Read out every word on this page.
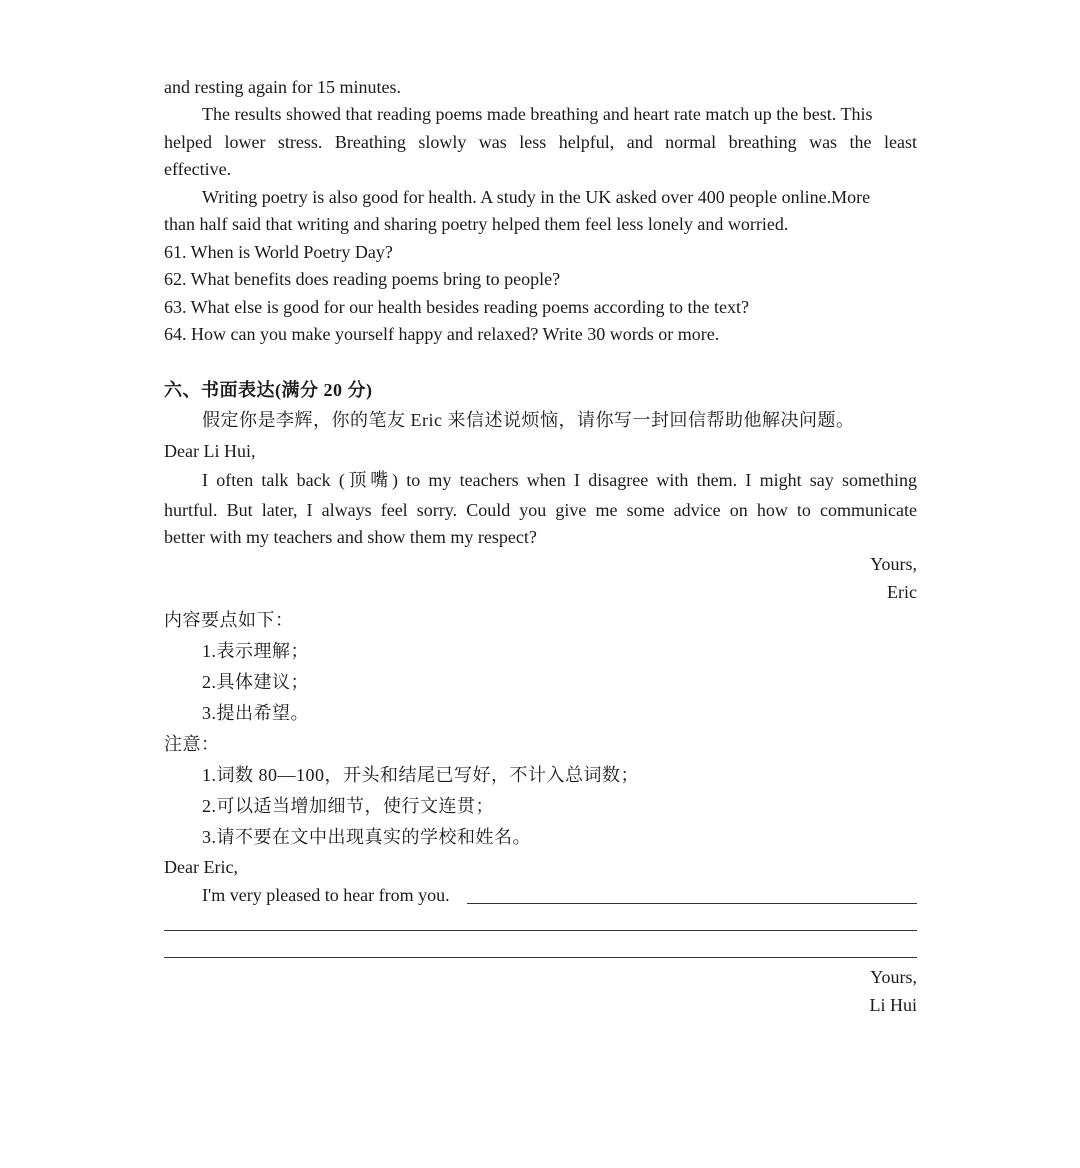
and resting again for 15 minutes.
The results showed that reading poems made breathing and heart rate match up the best. This
helped lower stress. Breathing slowly was less helpful, and normal breathing was the least
effective.
Writing poetry is also good for health. A study in the UK asked over 400 people online.More
than half said that writing and sharing poetry helped them feel less lonely and worried.
61. When is World Poetry Day?
62. What benefits does reading poems bring to people?
63. What else is good for our health besides reading poems according to the text?
64. How can you make yourself happy and relaxed? Write 30 words or more.
六、书面表达(满分 20 分)
假定你是李辉，你的笔友 Eric 来信述说烦恼，请你写一封回信帮助他解决问题。
Dear Li Hui,
I often talk back (顶嘴) to my teachers when I disagree with them. I might say something
hurtful. But later, I always feel sorry. Could you give me some advice on how to communicate
better with my teachers and show them my respect?
Yours,
Eric
内容要点如下：
1.表示理解；
2.具体建议；
3.提出希望。
注意：
1.词数 80—100，开头和结尾已写好，不计入总词数；
2.可以适当增加细节，使行文连贯；
3.请不要在文中出现真实的学校和姓名。
Dear Eric,
I'm very pleased to hear from you.
Yours,
Li Hui
